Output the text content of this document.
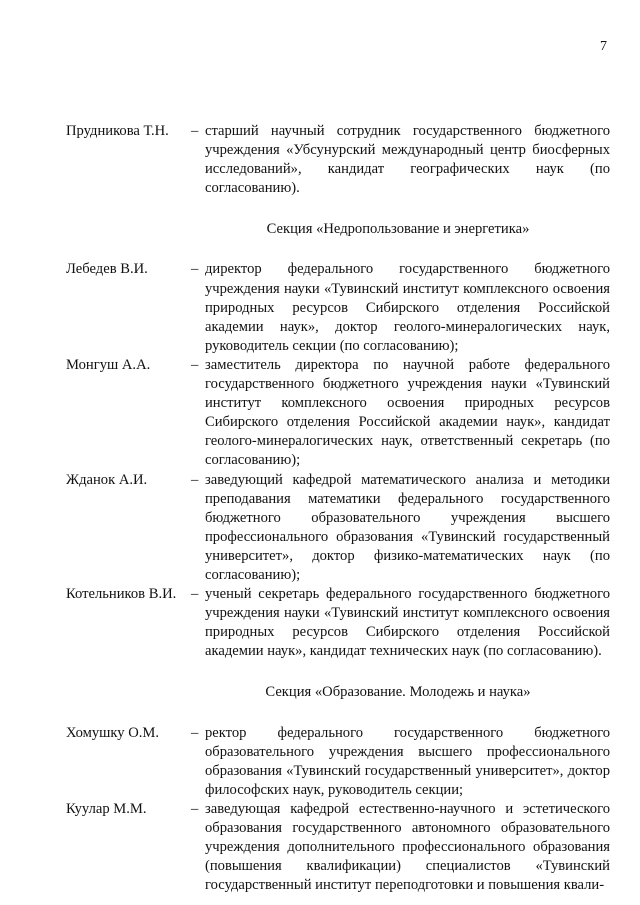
7
Прудникова Т.Н.	– старший научный сотрудник государственного бюджетного учреждения «Убсунурский международный центр биосферных исследований», кандидат географических наук (по согласованию).
Секция «Недропользование и энергетика»
Лебедев В.И.	– директор федерального государственного бюджетного учреждения науки «Тувинский институт комплексного освоения природных ресурсов Сибирского отделения Российской академии наук», доктор геолого-минералогических наук, руководитель секции (по согласованию);
Монгуш А.А.	– заместитель директора по научной работе федерального государственного бюджетного учреждения науки «Тувинский институт комплексного освоения природных ресурсов Сибирского отделения Российской академии наук», кандидат геолого-минералогических наук, ответственный секретарь (по согласованию);
Жданок А.И.	– заведующий кафедрой математического анализа и методики преподавания математики федерального государственного бюджетного образовательного учреждения высшего профессионального образования «Тувинский государственный университет», доктор физико-математических наук (по согласованию);
Котельников В.И.	– ученый секретарь федерального государственного бюджетного учреждения науки «Тувинский институт комплексного освоения природных ресурсов Сибирского отделения Российской академии наук», кандидат технических наук (по согласованию).
Секция «Образование. Молодежь и наука»
Хомушку О.М.	– ректор федерального государственного бюджетного образовательного учреждения высшего профессионального образования «Тувинский государственный университет», доктор философских наук, руководитель секции;
Куулар М.М.	– заведующая кафедрой естественно-научного и эстетического образования государственного автономного образовательного учреждения дополнительного профессионального образования (повышения квалификации) специалистов «Тувинский государственный институт переподготовки и повышения квали-
